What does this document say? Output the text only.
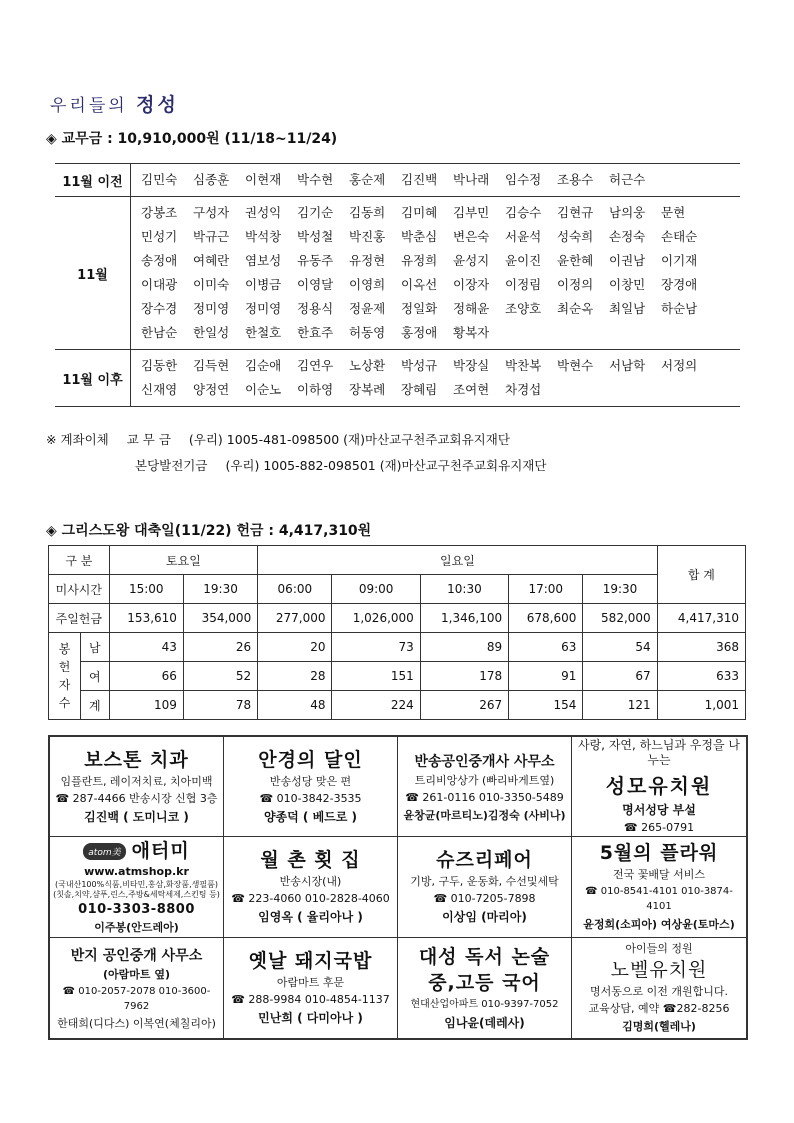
우리들의 정성
◈ 교무금 : 10,910,000원 (11/18~11/24)
11월 이전	김민숙	심종훈	이현재	박수현	홍순제	김진백	박나래	임수정	조용수	허근수
11월
강봉조	구성자	권성익	김기순	김동희	김미혜	김부민	김승수	김현규	남의웅	문현
민성기	박규근	박석창	박성철	박진홍	박춘심	변은숙	서윤석	성숙희	손정숙	손태순
송정애	여혜란	염보성	유동주	유정현	유정희	윤성지	윤이진	윤한혜	이권남	이기재
이대광	이미숙	이병금	이영달	이영희	이옥선	이장자	이정림	이정의	이창민	장경애
장수경	정미영	정미영	정용식	정윤제	정일화	정해윤	조양호	최순옥	최일남	하순남
한남순	한일성	한철호	한효주	허동영	홍정애	황복자
11월 이후
김동한	김득현	김순애	김연우	노상환	박성규	박장실	박찬복	박현수	서남학	서정의
신재영	양정연	이순노	이하영	장복례	장혜림	조여현	차경섭
※ 계좌이체 교 무 금 (우리) 1005-481-098500 (재)마산교구천주교회유지재단
본당발전기금 (우리) 1005-882-098501 (재)마산교구천주교회유지재단
◈ 그리스도왕 대축일(11/22) 헌금 : 4,417,310원
구 분		토요일		일요일					합 계
미사시간		15:00	19:30	06:00	09:00	10:30	17:00	19:30	
주일헌금		153,610	354,000	277,000	1,026,000	1,346,100	678,600	582,000	4,417,310
봉
헌
자
수	남	43	26	20	73	89	63	54	368
	여	66	52	28	151	178	91	67	633
	계	109	78	48	224	267	154	121	1,001
보스톤 치과
임플란트, 레이저치료, 치아미백
☎ 287-4466 반송시장 신협 3층
김진백 ( 도미니코 )
안경의 달인
반송성당 맞은 편
☎ 010-3842-3535
양종덕 ( 베드로 )
반송공인중개사 사무소
트리비앙상가 (빠리바게트옆)
☎ 261-0116 010-3350-5489
윤창균(마르티노)김정숙 (사비나)
사랑, 자연, 하느님과 우정을 나누는
성모유치원
명서성당 부설
☎ 265-0791
atom美 애터미
www.atmshop.kr
(국내산100%식품,비타민,홍삼,화장품,생필품) (칫솔,치약,샴푸,린스,주방&세탁세제,스킨팅 등)
010-3303-8800
이주봉(안드레아)
월 촌 횟 집
반송시장(내)
☎ 223-4060 010-2828-4060
임영옥 ( 율리아나 )
슈즈리페어
기방, 구두, 운동화, 수선및세탁
☎ 010-7205-7898
이상임 (마리아)
5월의 플라워
전국 꽃배달 서비스
☎ 010-8541-4101 010-3874-4101
윤정희(소피아) 여상윤(토마스)
반지 공인중개 사무소
(아람마트 옆)
☎ 010-2057-2078 010-3600-7962
한태희(디다스) 이복연(체칠리아)
옛날 돼지국밥
아람마트 후문
☎ 288-9984 010-4854-1137
민난희 ( 다미아나 )
대성 독서 논술
중,고등 국어
현대산업아파트 010-9397-7052
임나윤(데레사)
아이들의 정원
노벨유치원
명서동으로 이전 개원합니다.
교육상담, 예약 ☎282-8256
김명희(헬레나)
